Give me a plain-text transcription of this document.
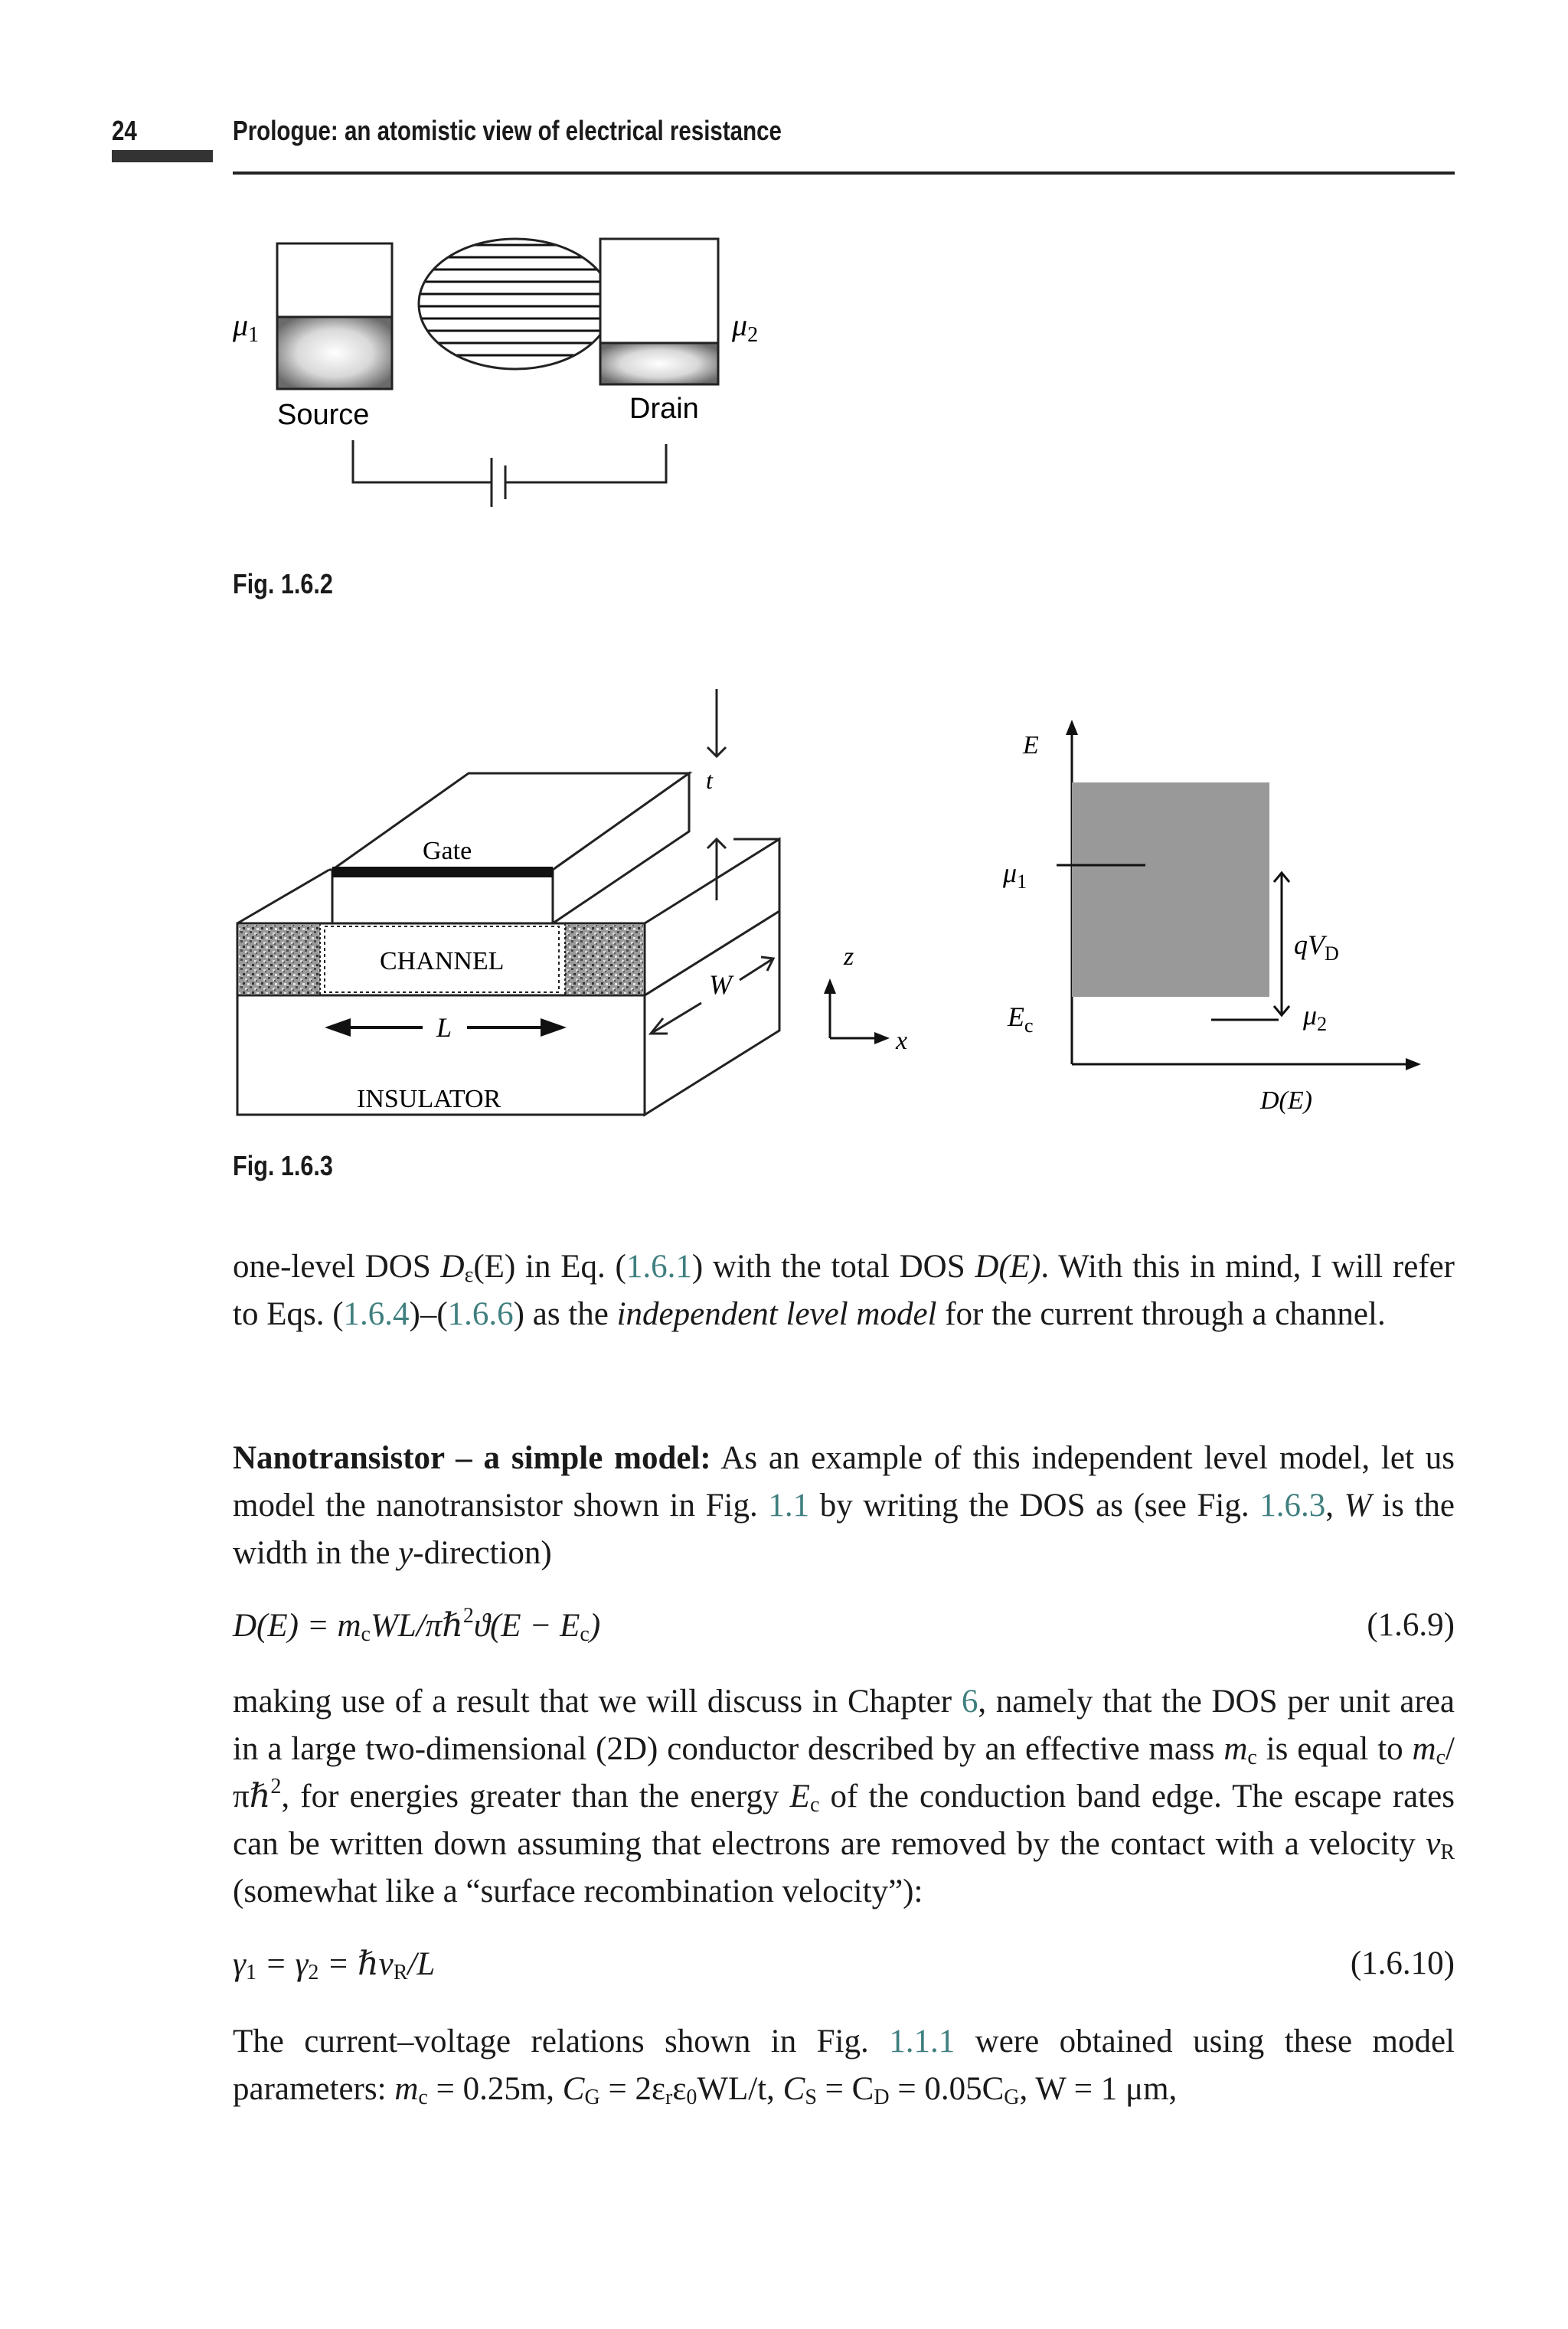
24	Prologue: an atomistic view of electrical resistance
$\mu_1$	$\mu_2$
Source	Drain
Fig. 1.6.2
Gate
CHANNEL
INSULATOR
L
W
t
z
x
E
$\mu_1$
$E_c$
$qV_D$
$\mu_2$
D(E)
Fig. 1.6.3

one-level DOS $D_\varepsilon(E)$ in Eq. (1.6.1) with the total DOS D(E). With this in mind, I will refer to Eqs. (1.6.4)–(1.6.6) as the independent level model for the current through a channel.

Nanotransistor – a simple model: As an example of this independent level model, let us model the nanotransistor shown in Fig. 1.1 by writing the DOS as (see Fig. 1.6.3, W is the width in the y-direction)

$D(E) = m_cWL/\pi\hbar^2ϑ(E - E_c)$	(1.6.9)

making use of a result that we will discuss in Chapter 6, namely that the DOS per unit area in a large two-dimensional (2D) conductor described by an effective mass $m_c$ is equal to $m_c/\pi\hbar^2$, for energies greater than the energy $E_c$ of the conduction band edge. The escape rates can be written down assuming that electrons are removed by the contact with a velocity $v_R$ (somewhat like a “surface recombination velocity”):

$\gamma_1 = \gamma_2$ = ℏv$_R$/L	(1.6.10)

The current–voltage relations shown in Fig. 1.1.1 were obtained using these model parameters: $m_c = 0.25m$, $C_G = 2\varepsilon_r\varepsilon_0WL/t$, $C_S = C_D = 0.05C_G$, W = 1 μm,
